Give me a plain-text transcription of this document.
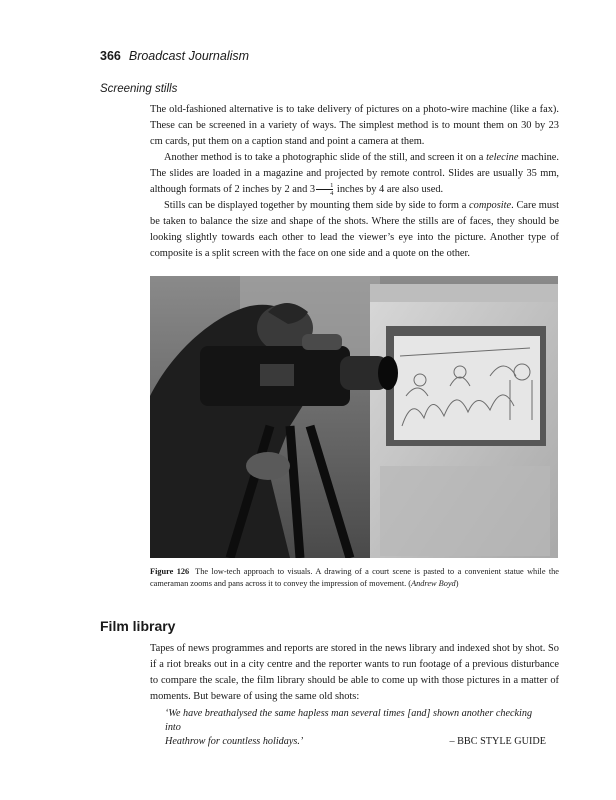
366 Broadcast Journalism
Screening stills

The old-fashioned alternative is to take delivery of pictures on a photo-wire machine (like a fax). These can be screened in a variety of ways. The simplest method is to mount them on 30 by 23 cm cards, put them on a caption stand and point a camera at them.

Another method is to take a photographic slide of the still, and screen it on a telecine machine. The slides are loaded in a magazine and projected by remote control. Slides are usually 35 mm, although formats of 2 inches by 2 and $3 \frac{1}{4}$ inches by 4 are also used.

Stills can be displayed together by mounting them side by side to form a composite. Care must be taken to balance the size and shape of the shots. Where the stills are of faces, they should be looking slightly towards each other to lead the viewer’s eye into the picture. Another type of composite is a split screen with the face on one side and a quote on the other.

Figure 126 The low-tech approach to visuals. A drawing of a court scene is pasted to a convenient statue while the cameraman zooms and pans across it to convey the impression of movement. (Andrew Boyd)
Film library

Tapes of news programmes and reports are stored in the news library and indexed shot by shot. So if a riot breaks out in a city centre and the reporter wants to run footage of a previous disturbance to compare the scale, the film library should be able to come up with those pictures in a matter of moments. But beware of using the same old shots:

‘We have breathalysed the same hapless man several times [and] shown another checking into
Heathrow for countless holidays.’	– BBC STYLE GUIDE
